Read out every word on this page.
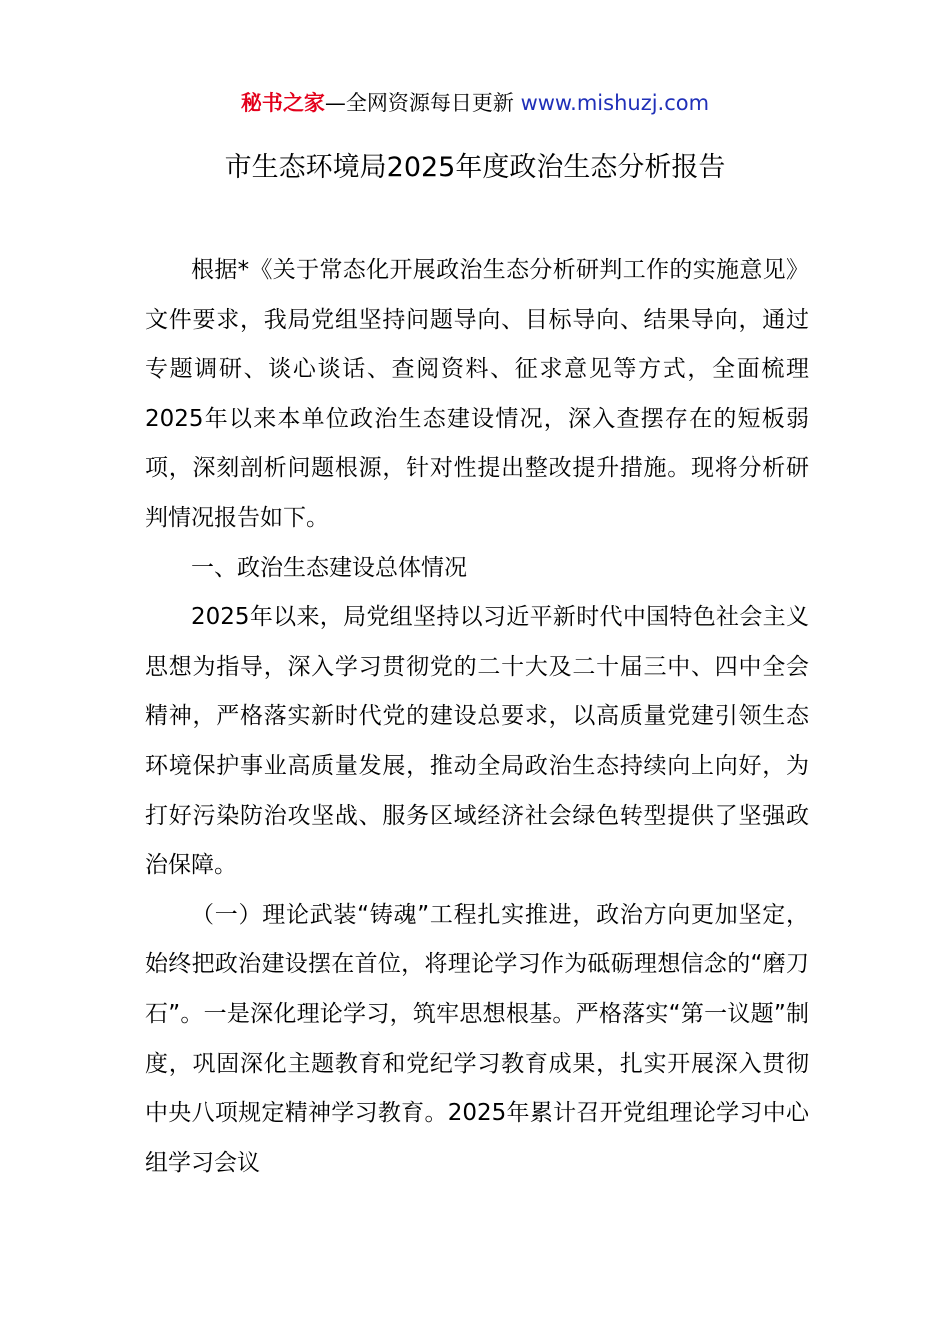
秘书之家—全网资源每日更新 www.mishuzj.com
市生态环境局2025年度政治生态分析报告

根据*《关于常态化开展政治生态分析研判工作的实施意见》文件要求，我局党组坚持问题导向、目标导向、结果导向，通过专题调研、谈心谈话、查阅资料、征求意见等方式，全面梳理2025年以来本单位政治生态建设情况，深入查摆存在的短板弱项，深刻剖析问题根源，针对性提出整改提升措施。现将分析研判情况报告如下。

一、政治生态建设总体情况

2025年以来，局党组坚持以习近平新时代中国特色社会主义思想为指导，深入学习贯彻党的二十大及二十届三中、四中全会精神，严格落实新时代党的建设总要求，以高质量党建引领生态环境保护事业高质量发展，推动全局政治生态持续向上向好，为打好污染防治攻坚战、服务区域经济社会绿色转型提供了坚强政治保障。

（一）理论武装“铸魂”工程扎实推进，政治方向更加坚定，始终把政治建设摆在首位，将理论学习作为砥砺理想信念的“磨刀石”。一是深化理论学习，筑牢思想根基。严格落实“第一议题”制度，巩固深化主题教育和党纪学习教育成果，扎实开展深入贯彻中央八项规定精神学习教育。2025年累计召开党组理论学习中心组学习会议
